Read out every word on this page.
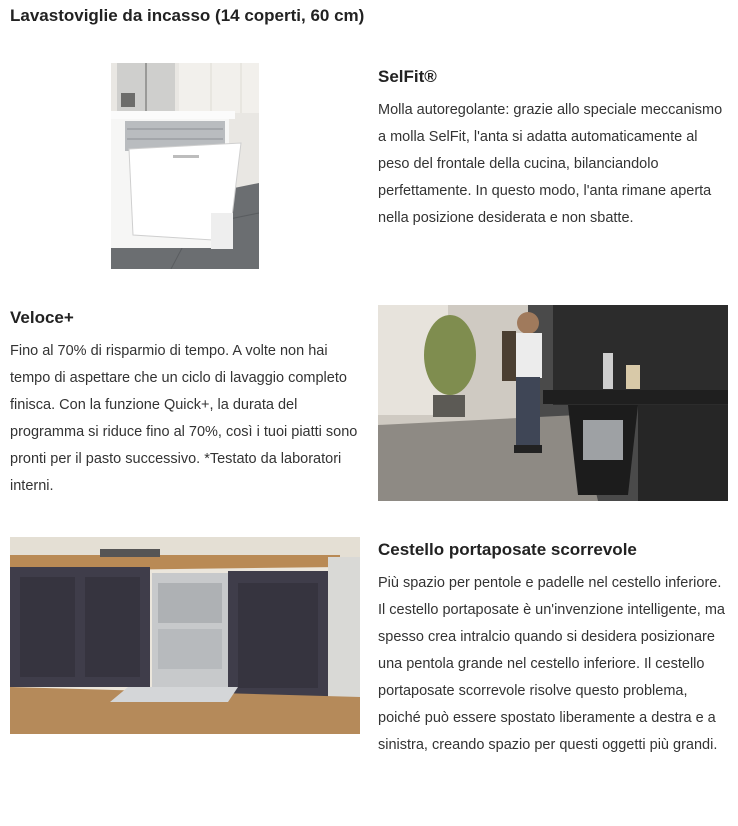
Lavastoviglie da incasso (14 coperti, 60 cm)
SelFit®

Molla autoregolante: grazie allo speciale meccanismo a molla SelFit, l'anta si adatta automaticamente al peso del frontale della cucina, bilanciandolo perfettamente. In questo modo, l'anta rimane aperta nella posizione desiderata e non sbatte.

Veloce+

Fino al 70% di risparmio di tempo. A volte non hai tempo di aspettare che un ciclo di lavaggio completo finisca. Con la funzione Quick+, la durata del programma si riduce fino al 70%, così i tuoi piatti sono pronti per il pasto successivo. *Testato da laboratori interni.

Cestello portaposate scorrevole

Più spazio per pentole e padelle nel cestello inferiore. Il cestello portaposate è un'invenzione intelligente, ma spesso crea intralcio quando si desidera posizionare una pentola grande nel cestello inferiore. Il cestello portaposate scorrevole risolve questo problema, poiché può essere spostato liberamente a destra e a sinistra, creando spazio per questi oggetti più grandi.
